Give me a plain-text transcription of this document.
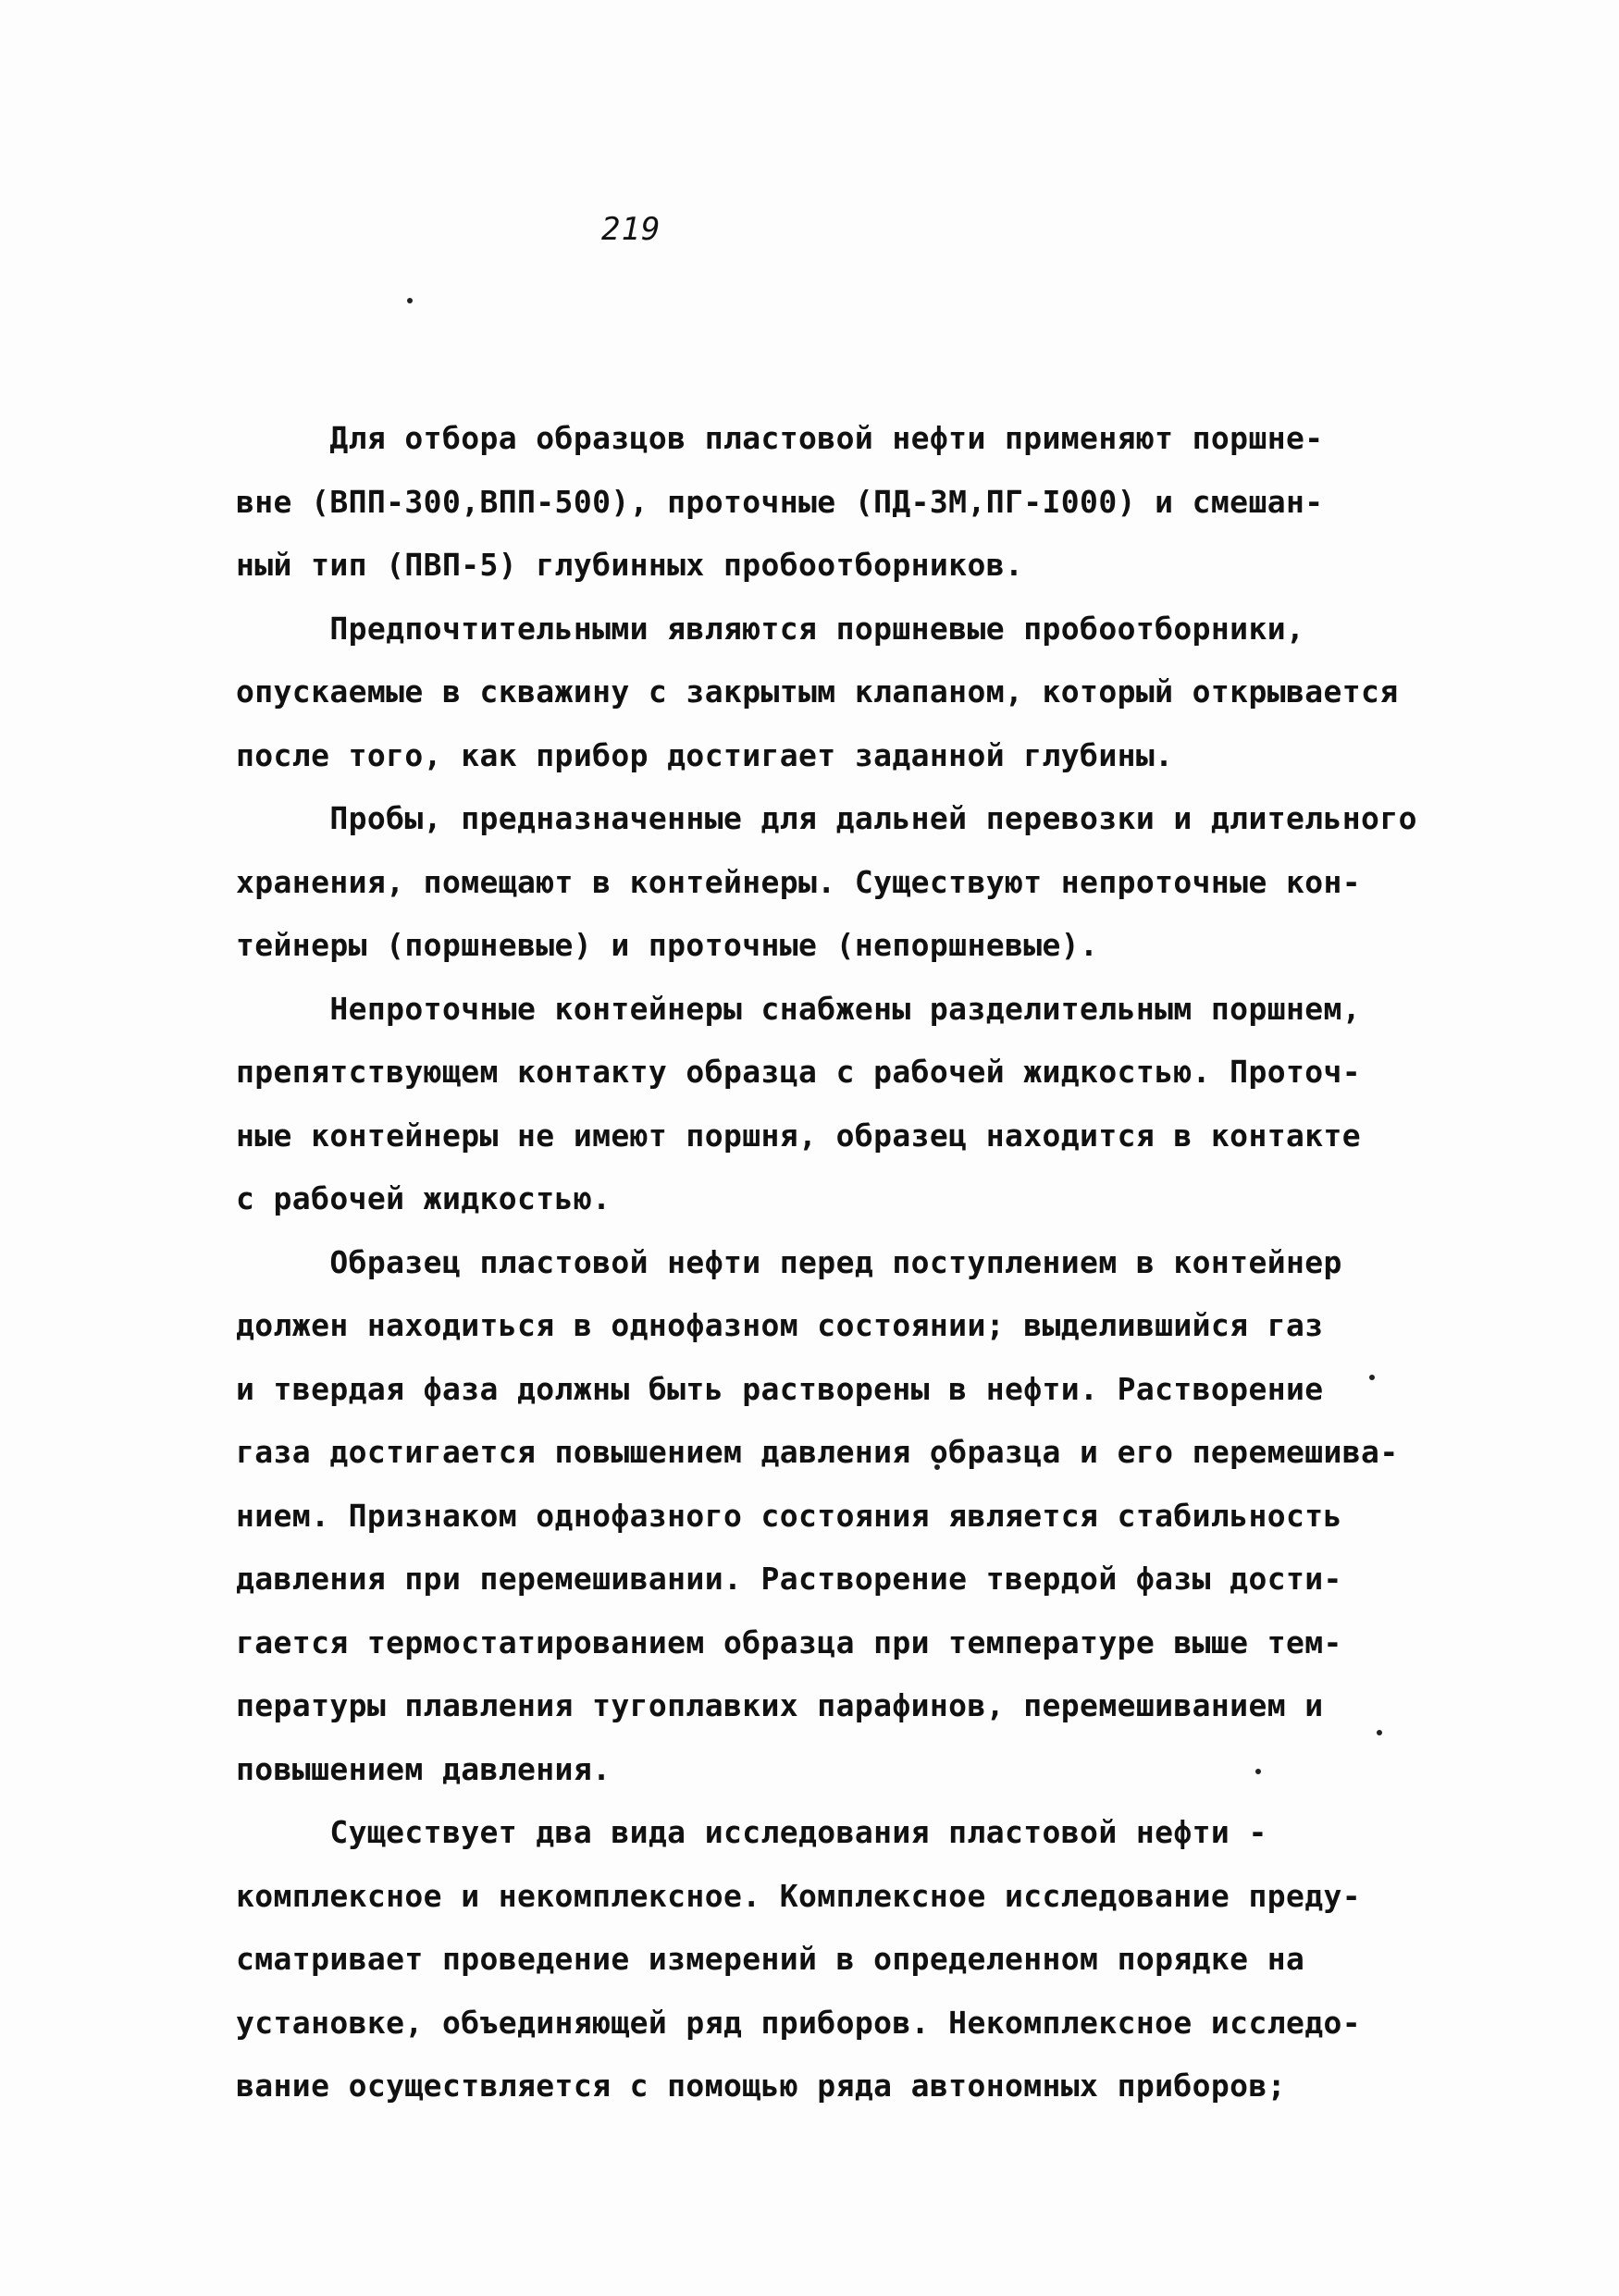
219

Для отбора образцов пластовой нефти применяют поршне-
вне (ВПП-300,ВПП-500), проточные (ПД-ЗМ,ПГ-I000) и смешан-
ный тип (ПВП-5) глубинных пробоотборников.

Предпочтительными являются поршневые пробоотборники,
опускаемые в скважину с закрытым клапаном, который открывается
после того, как прибор достигает заданной глубины.

Пробы, предназначенные для дальней перевозки и длительного
хранения, помещают в контейнеры. Существуют непроточные кон-
тейнеры (поршневые) и проточные (непоршневые).

Непроточные контейнеры снабжены разделительным поршнем,
препятствующем контакту образца с рабочей жидкостью. Проточ-
ные контейнеры не имеют поршня, образец находится в контакте
с рабочей жидкостью.

Образец пластовой нефти перед поступлением в контейнер
должен находиться в однофазном состоянии; выделившийся газ
и твердая фаза должны быть растворены в нефти. Растворение
газа достигается повышением давления образца и его перемешива-
нием. Признаком однофазного состояния является стабильность
давления при перемешивании. Растворение твердой фазы дости-
гается термостатированием образца при температуре выше тем-
пературы плавления тугоплавких парафинов, перемешиванием и
повышением давления.

Существует два вида исследования пластовой нефти -
комплексное и некомплексное. Комплексное исследование преду-
сматривает проведение измерений в определенном порядке на
установке, объединяющей ряд приборов. Некомплексное исследо-
вание осуществляется с помощью ряда автономных приборов;
